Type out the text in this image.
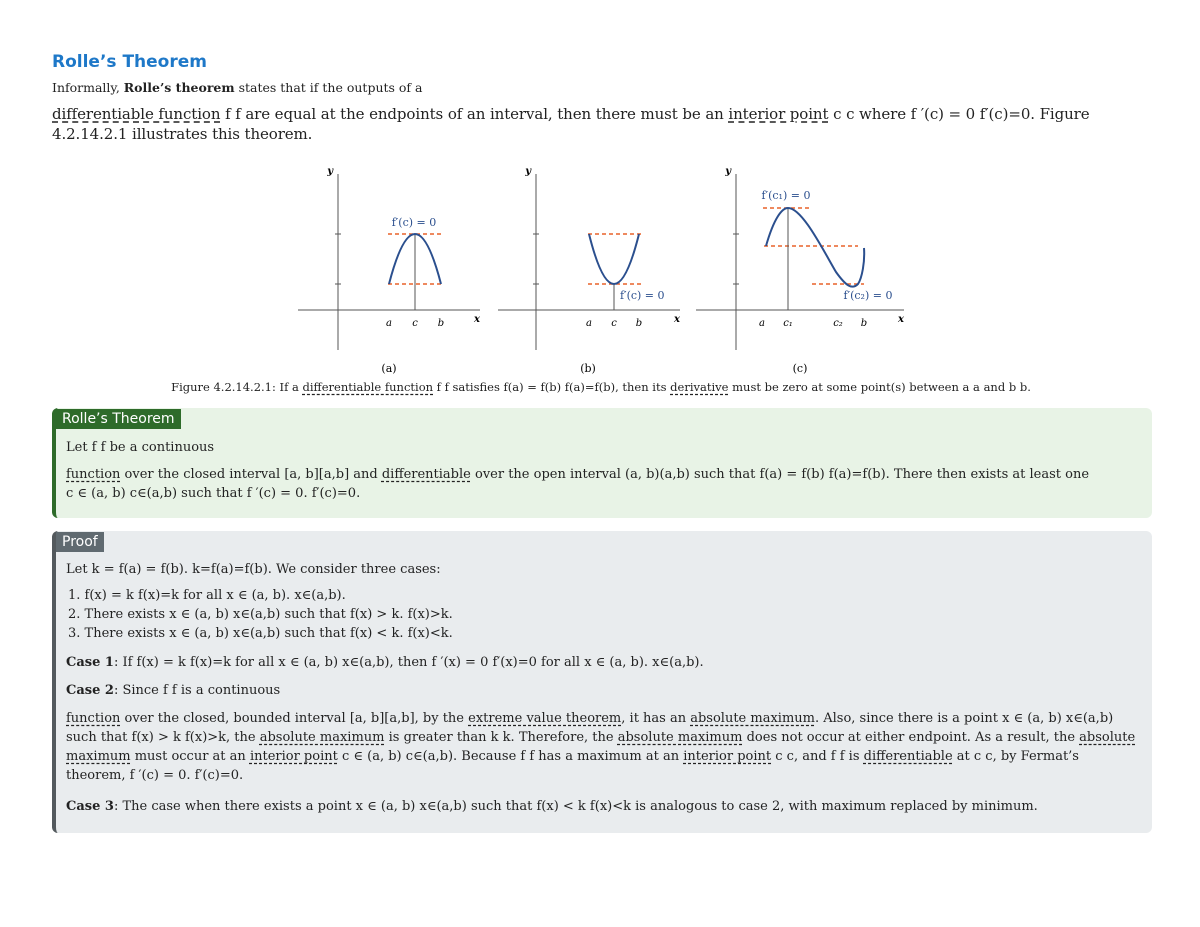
Rolle’s Theorem
Informally, Rolle’s theorem states that if the outputs of a
differentiable function f f are equal at the endpoints of an interval, then there must be an interior point c c where f ′(c) = 0 f′(c)=0. Figure 4.2.14.2.1 illustrates this theorem.
y
x
f′(c) = 0
a c b
(a)
y
x
f′(c) = 0
a c b
(b)
y
x
f′(c₁) = 0
f′(c₂) = 0
a c₁	c₂ b
(c)
Figure 4.2.14.2.1: If a differentiable function f f satisfies f(a) = f(b) f(a)=f(b), then its derivative must be zero at some point(s) between a a and b b.
Rolle’s Theorem

Let f f be a continuous

function over the closed interval [a, b][a,b] and differentiable over the open interval (a, b)(a,b) such that f(a) = f(b) f(a)=f(b). There then exists at least one

c ∈ (a, b) c∈(a,b) such that f ′(c) = 0. f′(c)=0.

Proof

Let k = f(a) = f(b). k=f(a)=f(b). We consider three cases:

1. f(x) = k f(x)=k for all x ∈ (a, b). x∈(a,b).
2. There exists x ∈ (a, b) x∈(a,b) such that f(x) > k. f(x)>k.
3. There exists x ∈ (a, b) x∈(a,b) such that f(x) < k. f(x)<k.

Case 1: If f(x) = k f(x)=k for all x ∈ (a, b) x∈(a,b), then f ′(x) = 0 f′(x)=0 for all x ∈ (a, b). x∈(a,b).

Case 2: Since f f is a continuous

function over the closed, bounded interval [a, b][a,b], by the extreme value theorem, it has an absolute maximum. Also, since there is a point x ∈ (a, b) x∈(a,b) such that f(x) > k f(x)>k, the absolute maximum is greater than k k. Therefore, the absolute maximum does not occur at either endpoint. As a result, the absolute maximum must occur at an interior point c ∈ (a, b) c∈(a,b). Because f f has a maximum at an interior point c c, and f f is differentiable at c c, by Fermat’s theorem, f ′(c) = 0. f′(c)=0.

Case 3: The case when there exists a point x ∈ (a, b) x∈(a,b) such that f(x) < k f(x)<k is analogous to case 2, with maximum replaced by minimum.
